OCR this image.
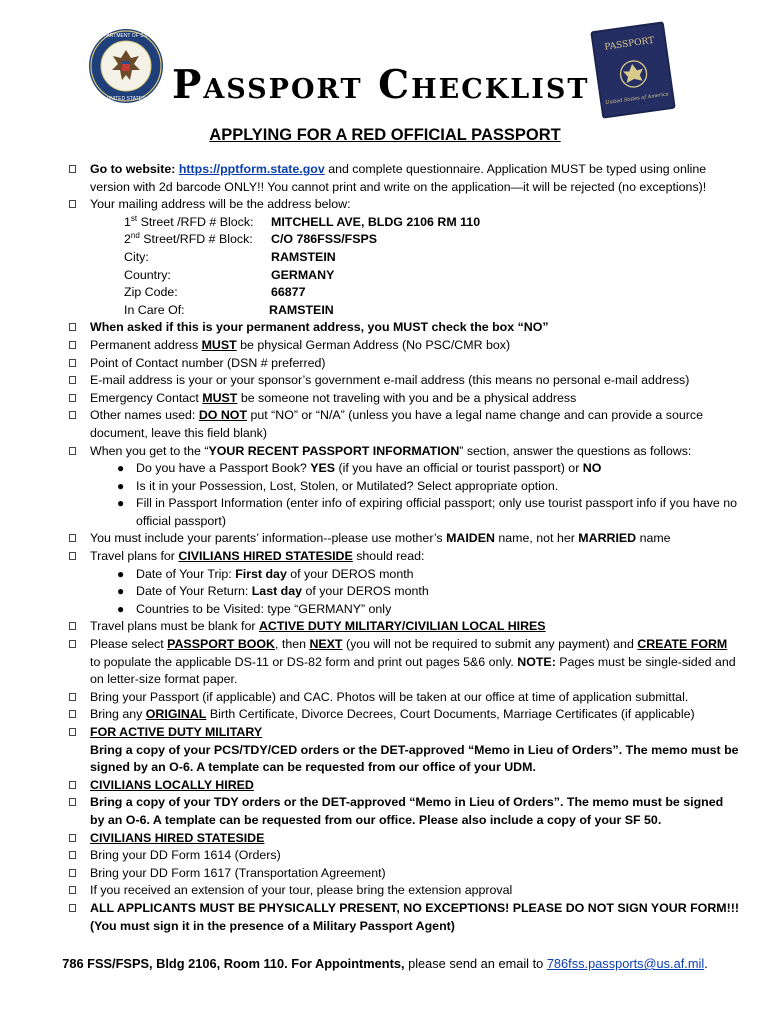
DEPARTMENT OF STATE
UNITED STATES
PASSPORT
United States of America
Passport Checklist
APPLYING FOR A RED OFFICIAL PASSPORT
Go to website: https://pptform.state.gov and complete questionnaire. Application MUST be typed using online version with 2d barcode ONLY!! You cannot print and write on the application—it will be rejected (no exceptions)!
Your mailing address will be the address below:
1st Street /RFD # Block:	MITCHELL AVE, BLDG 2106 RM 110
2nd Street/RFD # Block:	C/O 786FSS/FSPS
City:	RAMSTEIN
Country:	GERMANY
Zip Code:	66877
In Care Of:	RAMSTEIN
When asked if this is your permanent address, you MUST check the box “NO”
Permanent address MUST be physical German Address (No PSC/CMR box)
Point of Contact number (DSN # preferred)
E-mail address is your or your sponsor’s government e-mail address (this means no personal e-mail address)
Emergency Contact MUST be someone not traveling with you and be a physical address
Other names used: DO NOT put “NO” or “N/A” (unless you have a legal name change and can provide a source document, leave this field blank)
When you get to the “YOUR RECENT PASSPORT INFORMATION” section, answer the questions as follows:
● Do you have a Passport Book? YES (if you have an official or tourist passport) or NO
● Is it in your Possession, Lost, Stolen, or Mutilated? Select appropriate option.
● Fill in Passport Information (enter info of expiring official passport; only use tourist passport info if you have no official passport)
You must include your parents’ information--please use mother’s MAIDEN name, not her MARRIED name
Travel plans for CIVILIANS HIRED STATESIDE should read:
● Date of Your Trip: First day of your DEROS month
● Date of Your Return: Last day of your DEROS month
● Countries to be Visited: type “GERMANY” only
Travel plans must be blank for ACTIVE DUTY MILITARY/CIVILIAN LOCAL HIRES
Please select PASSPORT BOOK, then NEXT (you will not be required to submit any payment) and CREATE FORM to populate the applicable DS-11 or DS-82 form and print out pages 5&6 only. NOTE: Pages must be single-sided and on letter-size format paper.
Bring your Passport (if applicable) and CAC. Photos will be taken at our office at time of application submittal.
Bring any ORIGINAL Birth Certificate, Divorce Decrees, Court Documents, Marriage Certificates (if applicable)
FOR ACTIVE DUTY MILITARY
Bring a copy of your PCS/TDY/CED orders or the DET-approved “Memo in Lieu of Orders”. The memo must be signed by an O-6. A template can be requested from our office of your UDM.
CIVILIANS LOCALLY HIRED
Bring a copy of your TDY orders or the DET-approved “Memo in Lieu of Orders”. The memo must be signed by an O-6. A template can be requested from our office. Please also include a copy of your SF 50.
CIVILIANS HIRED STATESIDE
Bring your DD Form 1614 (Orders)
Bring your DD Form 1617 (Transportation Agreement)
If you received an extension of your tour, please bring the extension approval
ALL APPLICANTS MUST BE PHYSICALLY PRESENT, NO EXCEPTIONS! PLEASE DO NOT SIGN YOUR FORM!!! (You must sign it in the presence of a Military Passport Agent)
786 FSS/FSPS, Bldg 2106, Room 110. For Appointments, please send an email to 786fss.passports@us.af.mil.
